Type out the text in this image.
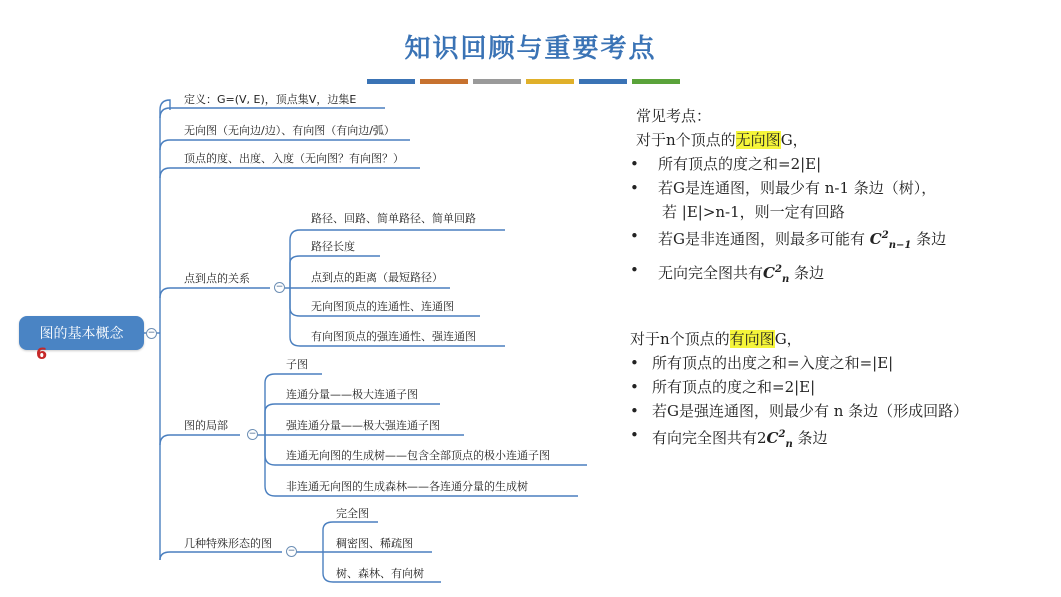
知识回顾与重要考点
图的基本概念	−
6
定义：G=(V, E)，顶点集V，边集E
无向图（无向边/边）、有向图（有向边/弧）
顶点的度、出度、入度（无向图？有向图？）
点到点的关系
−
图的局部
−
几种特殊形态的图
−
路径、回路、简单路径、简单回路
路径长度
点到点的距离（最短路径）
无向图顶点的连通性、连通图
有向图顶点的强连通性、强连通图
子图
连通分量——极大连通子图
强连通分量——极大强连通子图
连通无向图的生成树——包含全部顶点的极小连通子图
非连通无向图的生成森林——各连通分量的生成树
完全图
稠密图、稀疏图
树、森林、有向树
常见考点：
对于n个顶点的无向图G，
• 所有顶点的度之和=2|E|
• 若G是连通图，则最少有 n-1 条边（树），
若 |E|>n-1，则一定有回路
• 若G是非连通图，则最多可能有 $C^2_{n-1}$ 条边
• 无向完全图共有$C^2_n$ 条边
对于n个顶点的有向图G，
• 所有顶点的出度之和=入度之和=|E|
• 所有顶点的度之和=2|E|
• 若G是强连通图，则最少有 n 条边（形成回路）
• 有向完全图共有$2C^2_n$ 条边
